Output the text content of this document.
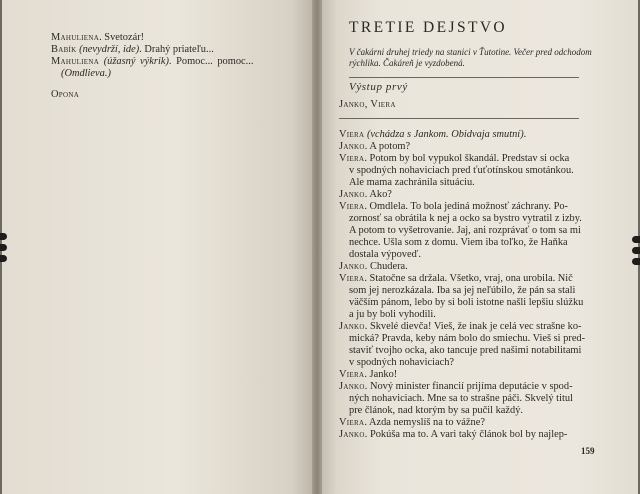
Mahuliena. Svetozár!
Babík (nevydrží, ide). Drahý priateľu...
Mahuliena (úžasný výkrik). Pomoc... pomoc...
(Omdlieva.)
Opona
TRETIE DEJSTVO
V čakárni druhej triedy na stanici v Ťutotine. Večer pred odchodom
rýchlika. Čakáreň je vyzdobená.
Výstup prvý
Janko, Viera
Viera (vchádza s Jankom. Obidvaja smutní).
Janko. A potom?
Viera. Potom by bol vypukol škandál. Predstav si ocka
v spodných nohaviciach pred ťuťotínskou smotánkou.
Ale mama zachránila situáciu.
Janko. Ako?
Viera. Omdlela. To bola jediná možnosť záchrany. Po-
zornosť sa obrátila k nej a ocko sa bystro vytratil z izby.
A potom to vyšetrovanie. Jaj, ani rozprávať o tom sa mi
nechce. Ušla som z domu. Viem iba toľko, že Haňka
dostala výpoveď.
Janko. Chudera.
Viera. Statočne sa držala. Všetko, vraj, ona urobila. Nič
som jej nerozkázala. Iba sa jej neľúbilo, že pán sa stali
väčším pánom, lebo by si boli istotne našli lepšiu slúžku
a ju by boli vyhodili.
Janko. Skvelé dievča! Vieš, že inak je celá vec strašne ko-
mická? Pravda, keby nám bolo do smiechu. Vieš si pred-
staviť tvojho ocka, ako tancuje pred našimi notabilitami
v spodných nohaviciach?
Viera. Janko!
Janko. Nový minister financií prijíma deputácie v spod-
ných nohaviciach. Mne sa to strašne páči. Skvelý titul
pre článok, nad ktorým by sa pučil každý.
Viera. Azda nemyslíš na to vážne?
Janko. Pokúša ma to. A vari taký článok bol by najlep-
159
